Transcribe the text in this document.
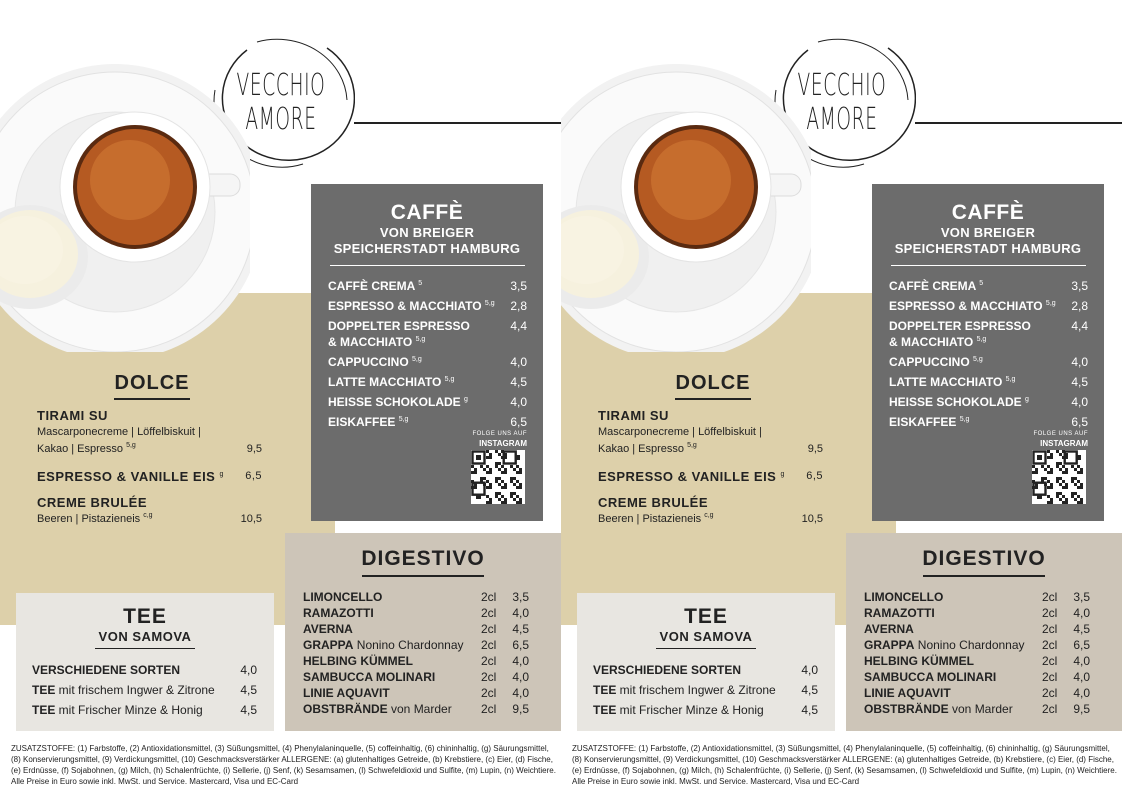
VECCHIO
AMORE
CAFFÈ
VON BREIGER
SPEICHERSTADT HAMBURG
CAFFÈ CREMA $^5$	3,5
ESPRESSO & MACCHIATO $^{5,g}$ 2,8
DOPPELTER ESPRESSO
& MACCHIATO $^{5,g}$
4,4
CAPPUCCINO $^{5,g}$	4,0
LATTE MACCHIATO $^{5,g}$	4,5
HEISSE SCHOKOLADE $^g$	4,0
EISKAFFEE $^{5,g}$	6,5
FOLGE UNS AUF
INSTAGRAM
DOLCE
TIRAMI SU
Mascarponecreme | Löffelbiskuit |
Kakao | Espresso $^{5,g}$	9,5
ESPRESSO & VANILLE EIS $^g$ 6,5
CREME BRULÉE
Beeren | Pistazieneis $^{c,g}$	10,5
TEE
VON SAMOVA
VERSCHIEDENE SORTEN	4,0
TEE mit frischem Ingwer & Zitrone 4,5
TEE mit Frischer Minze & Honig	4,5
DIGESTIVO
LIMONCELLO	2cl	3,5
RAMAZOTTI	2cl	4,0
AVERNA	2cl	4,5
GRAPPA Nonino Chardonnay	2cl	6,5
HELBING KÜMMEL	2cl	4,0
SAMBUCCA MOLINARI	2cl	4,0
LINIE AQUAVIT	2cl	4,0
OBSTBRÄNDE von Marder	2cl	9,5
ZUSATZSTOFFE: (1) Farbstoffe, (2) Antioxidationsmittel, (3) Süßungsmittel, (4) Phenylalaninquelle, (5) coffeinhaltig, (6) chininhaltig, (g) Säurungsmittel, (8) Konservierungsmittel, (9) Verdickungsmittel, (10) Geschmacksverstärker ALLERGENE: (a) glutenhaltiges Getreide, (b) Krebstiere, (c) Eier, (d) Fische, (e) Erdnüsse, (f) Sojabohnen, (g) Milch, (h) Schalenfrüchte, (i) Sellerie, (j) Senf, (k) Sesamsamen, (l) Schwefeldioxid und Sulfite, (m) Lupin, (n) Weichtiere. Alle Preise in Euro sowie inkl. MwSt. und Service. Mastercard, Visa und EC-Card
VECCHIO
AMORE
CAFFÈ
VON BREIGER
SPEICHERSTADT HAMBURG
CAFFÈ CREMA $^5$	3,5
ESPRESSO & MACCHIATO $^{5,g}$ 2,8
DOPPELTER ESPRESSO
& MACCHIATO $^{5,g}$
4,4
CAPPUCCINO $^{5,g}$	4,0
LATTE MACCHIATO $^{5,g}$	4,5
HEISSE SCHOKOLADE $^g$	4,0
EISKAFFEE $^{5,g}$	6,5
FOLGE UNS AUF
INSTAGRAM
DOLCE
TIRAMI SU
Mascarponecreme | Löffelbiskuit |
Kakao | Espresso $^{5,g}$	9,5
ESPRESSO & VANILLE EIS $^g$ 6,5
CREME BRULÉE
Beeren | Pistazieneis $^{c,g}$	10,5
TEE
VON SAMOVA
VERSCHIEDENE SORTEN	4,0
TEE mit frischem Ingwer & Zitrone 4,5
TEE mit Frischer Minze & Honig	4,5
DIGESTIVO
LIMONCELLO	2cl	3,5
RAMAZOTTI	2cl	4,0
AVERNA	2cl	4,5
GRAPPA Nonino Chardonnay	2cl	6,5
HELBING KÜMMEL	2cl	4,0
SAMBUCCA MOLINARI	2cl	4,0
LINIE AQUAVIT	2cl	4,0
OBSTBRÄNDE von Marder	2cl	9,5
ZUSATZSTOFFE: (1) Farbstoffe, (2) Antioxidationsmittel, (3) Süßungsmittel, (4) Phenylalaninquelle, (5) coffeinhaltig, (6) chininhaltig, (g) Säurungsmittel, (8) Konservierungsmittel, (9) Verdickungsmittel, (10) Geschmacksverstärker ALLERGENE: (a) glutenhaltiges Getreide, (b) Krebstiere, (c) Eier, (d) Fische, (e) Erdnüsse, (f) Sojabohnen, (g) Milch, (h) Schalenfrüchte, (i) Sellerie, (j) Senf, (k) Sesamsamen, (l) Schwefeldioxid und Sulfite, (m) Lupin, (n) Weichtiere. Alle Preise in Euro sowie inkl. MwSt. und Service. Mastercard, Visa und EC-Card
